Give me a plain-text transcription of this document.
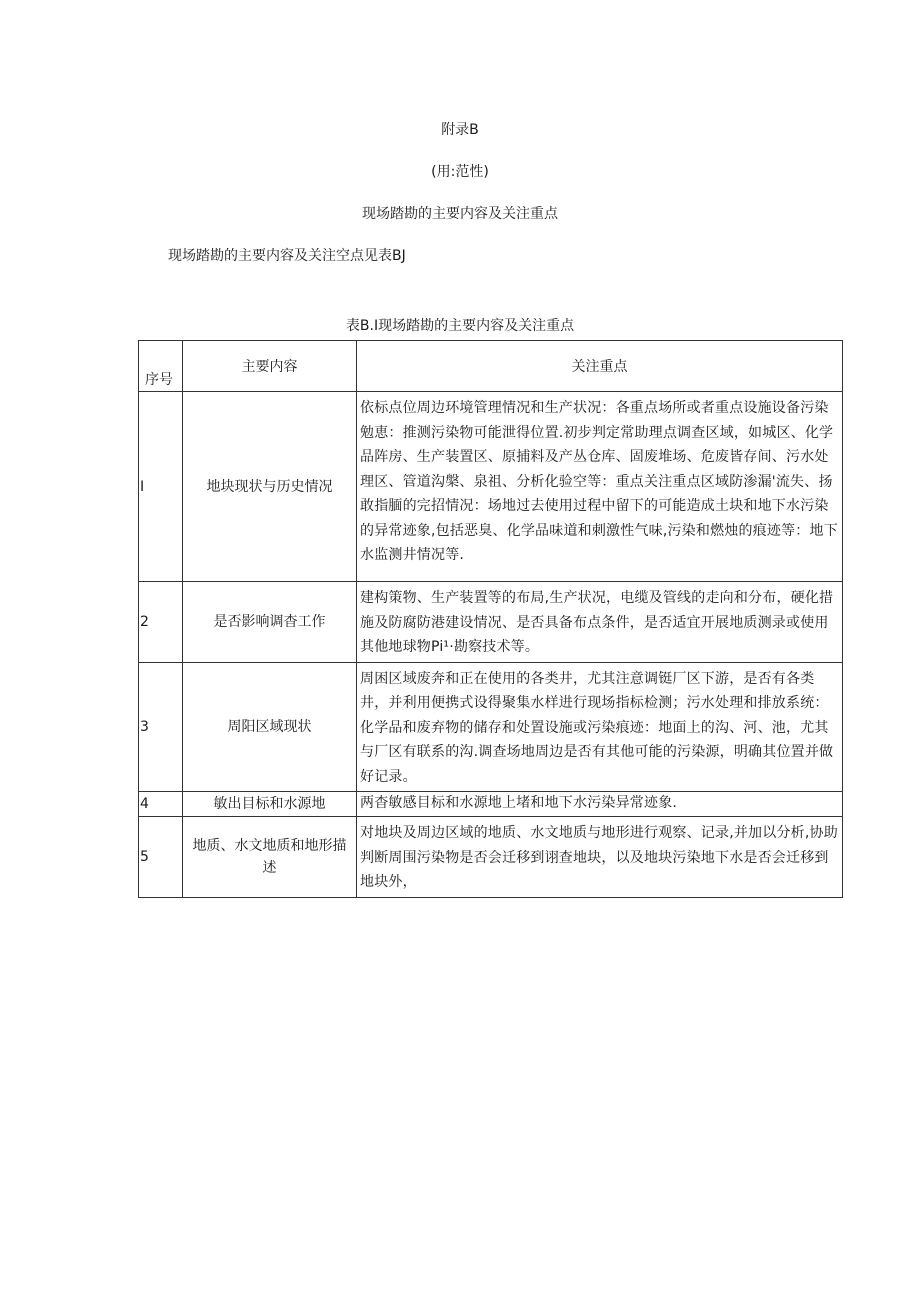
附录B
(用:范性)
现场踏勘的主要内容及关注重点
现场踏勘的主要内容及关注空点见表BJ
表B.I现场踏勘的主要内容及关注重点
序号	主要内容	关注重点
I	地块现状与历史情况	依标点位周边环境管理情况和生产状况：各重点场所或者重点设施设备污染勉恵：推测污染物可能泄得位置.初步判定常助理点调查区域，如城区、化学品阵房、生产装置区、原捕料及产丛仓库、固废堆场、危废皆存间、污水处理区、管道沟槃、泉祖、分析化验空等：重点关注重点区域防渗漏'流失、扬敢指腼的完招情况：场地过去使用过程中留下的可能造成土块和地下水污染的异常迹象,包括恶臭、化学品味道和刺激性气味,污染和燃烛的痕迹等：地下水监测井情况等.
2	是否影响调杳工作	建构策物、生产装置等的布局,生产状况，电缆及管线的走向和分布，硬化措施及防腐防港建设情况、是否具备布点条件，是否适宜开展地质测录或使用其他地球物Pi¹·勘察技术等。
3	周阳区域现状	周困区域废奔和正在使用的各类井，尤其注意调铤厂区下游，是否有各类井，并利用便携式设得聚集水样进行现场指标检测；污水处理和排放系统：化学品和废弃物的储存和处置设施或污染痕迹：地面上的沟、河、池，尤其与厂区有联系的沟.调查场地周边是否有其他可能的污染源，明确其位置并做好记录。
4	敏出目标和水源地	两杳敏感目标和水源地上堵和地下水污染异常迹象.
5	地质、水文地质和地形描述	对地块及周边区域的地质、水文地质与地形进行观察、记录,并加以分析,协助判断周围污染物是否会迁移到诩查地块，以及地块污染地下水是否会迁移到地块外，
